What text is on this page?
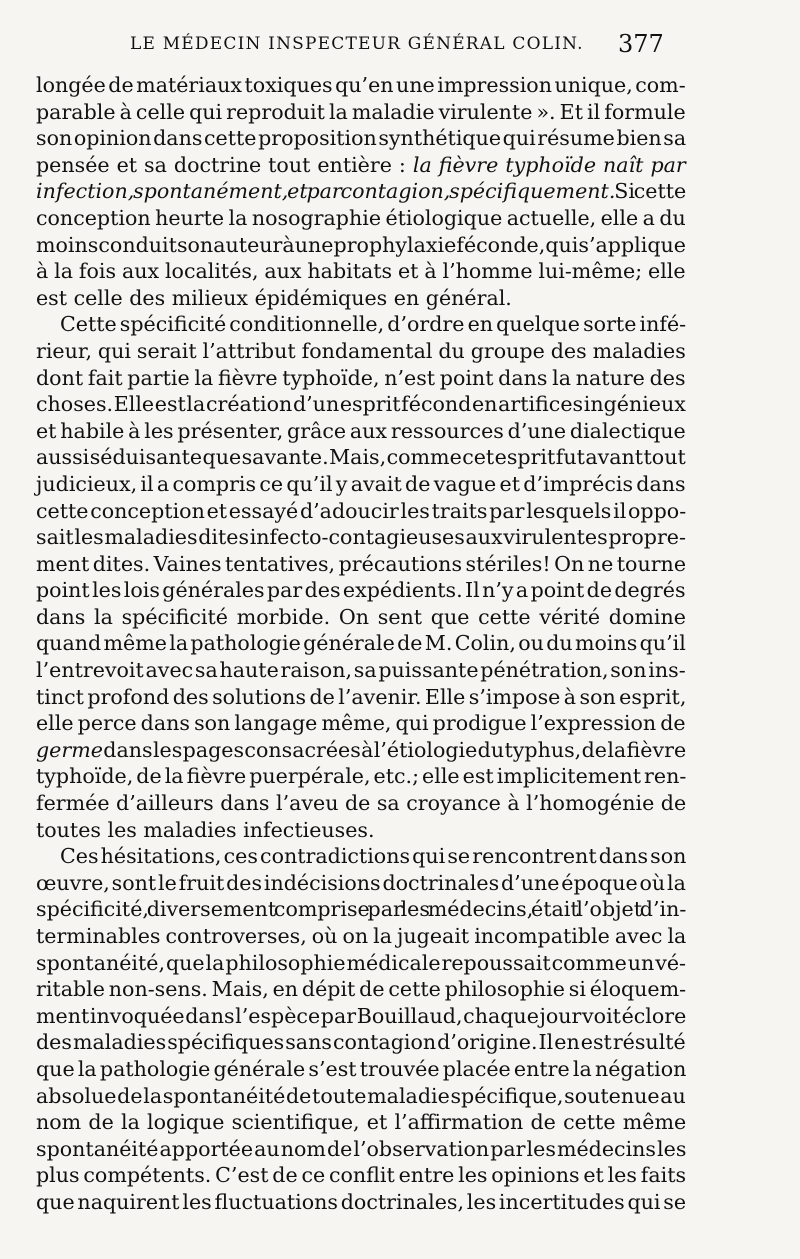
LE MÉDECIN INSPECTEUR GÉNÉRAL COLIN. 377
longée de matériaux toxiques qu’en une impression unique, com-
parable à celle qui reproduit la maladie virulente ». Et il formule
son opinion dans cette proposition synthétique qui résume bien sa
pensée et sa doctrine tout entière : la fièvre typhoïde naît par
infection, spontanément, et par contagion, spécifiquement. Si cette
conception heurte la nosographie étiologique actuelle, elle a du
moins conduit son auteur à une prophylaxie féconde, qui s’applique
à la fois aux localités, aux habitats et à l’homme lui-même; elle
est celle des milieux épidémiques en général.
Cette spécificité conditionnelle, d’ordre en quelque sorte infé-
rieur, qui serait l’attribut fondamental du groupe des maladies
dont fait partie la fièvre typhoïde, n’est point dans la nature des
choses. Elle est la création d’un esprit fécond en artifices ingénieux
et habile à les présenter, grâce aux ressources d’une dialectique
aussi séduisante que savante. Mais, comme cet esprit fut avant tout
judicieux, il a compris ce qu’il y avait de vague et d’imprécis dans
cette conception et essayé d’adoucir les traits par lesquels il oppo-
sait les maladies dites infecto-contagieuses aux virulentes propre-
ment dites. Vaines tentatives, précautions stériles! On ne tourne
point les lois générales par des expédients. Il n’y a point de degrés
dans la spécificité morbide. On sent que cette vérité domine
quand même la pathologie générale de M. Colin, ou du moins qu’il
l’entrevoit avec sa haute raison, sa puissante pénétration, son ins-
tinct profond des solutions de l’avenir. Elle s’impose à son esprit,
elle perce dans son langage même, qui prodigue l’expression de
germe dans les pages consacrées à l’étiologie du typhus, de la fièvre
typhoïde, de la fièvre puerpérale, etc.; elle est implicitement ren-
fermée d’ailleurs dans l’aveu de sa croyance à l’homogénie de
toutes les maladies infectieuses.
Ces hésitations, ces contradictions qui se rencontrent dans son
œuvre, sont le fruit des indécisions doctrinales d’une époque où la
spécificité, diversement comprise par les médecins, était l’objet d’in-
terminables controverses, où on la jugeait incompatible avec la
spontanéité, que la philosophie médicale repoussait comme un vé-
ritable non-sens. Mais, en dépit de cette philosophie si éloquem-
ment invoquée dans l’espèce par Bouillaud, chaque jour voit éclore
des maladies spécifiques sans contagion d’origine. Il en est résulté
que la pathologie générale s’est trouvée placée entre la négation
absolue de la spontanéité de toute maladie spécifique, soutenue au
nom de la logique scientifique, et l’affirmation de cette même
spontanéité apportée au nom de l’observation par les médecins les
plus compétents. C’est de ce conflit entre les opinions et les faits
que naquirent les fluctuations doctrinales, les incertitudes qui se
